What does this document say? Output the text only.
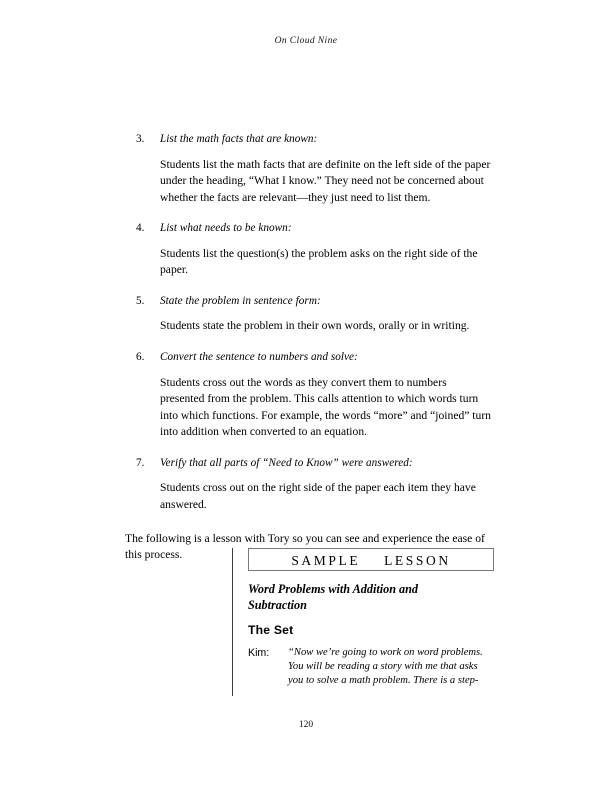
On Cloud Nine
3.	List the math facts that are known:
Students list the math facts that are definite on the left side of the paper under the heading, “What I know.” They need not be concerned about whether the facts are relevant—they just need to list them.
4.	List what needs to be known:
Students list the question(s) the problem asks on the right side of the paper.
5.	State the problem in sentence form:
Students state the problem in their own words, orally or in writing.
6.	Convert the sentence to numbers and solve:
Students cross out the words as they convert them to numbers presented from the problem. This calls attention to which words turn into which functions. For example, the words “more” and “joined” turn into addition when converted to an equation.
7.	Verify that all parts of “Need to Know” were answered:
Students cross out on the right side of the paper each item they have answered.
The following is a lesson with Tory so you can see and experience the ease of this process.	SAMPLE    LESSON
Word Problems with Addition and Subtraction
The Set
Kim: “Now we’re going to work on word problems. You will be reading a story with me that asks you to solve a math problem. There is a step-
120
